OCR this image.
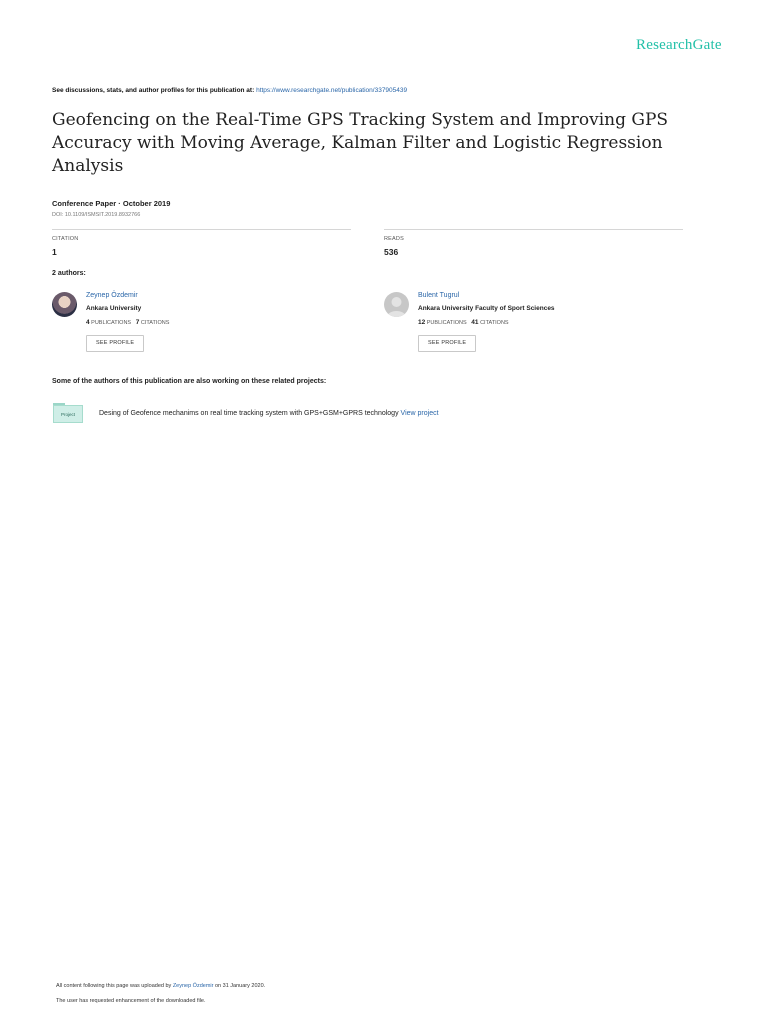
ResearchGate
See discussions, stats, and author profiles for this publication at: https://www.researchgate.net/publication/337905439
Geofencing on the Real-Time GPS Tracking System and Improving GPS Accuracy with Moving Average, Kalman Filter and Logistic Regression Analysis
Conference Paper · October 2019
DOI: 10.1109/ISMSIT.2019.8932766
CITATION
1
READS
536
2 authors:
Zeynep Özdemir
Ankara University
4 PUBLICATIONS 7 CITATIONS
SEE PROFILE
Bulent Tugrul
Ankara University Faculty of Sport Sciences
12 PUBLICATIONS 41 CITATIONS
SEE PROFILE
Some of the authors of this publication are also working on these related projects:
Project	Desing of Geofence mechanims on real time tracking system with GPS+GSM+GPRS technology View project
All content following this page was uploaded by Zeynep Özdemir on 31 January 2020.
The user has requested enhancement of the downloaded file.
